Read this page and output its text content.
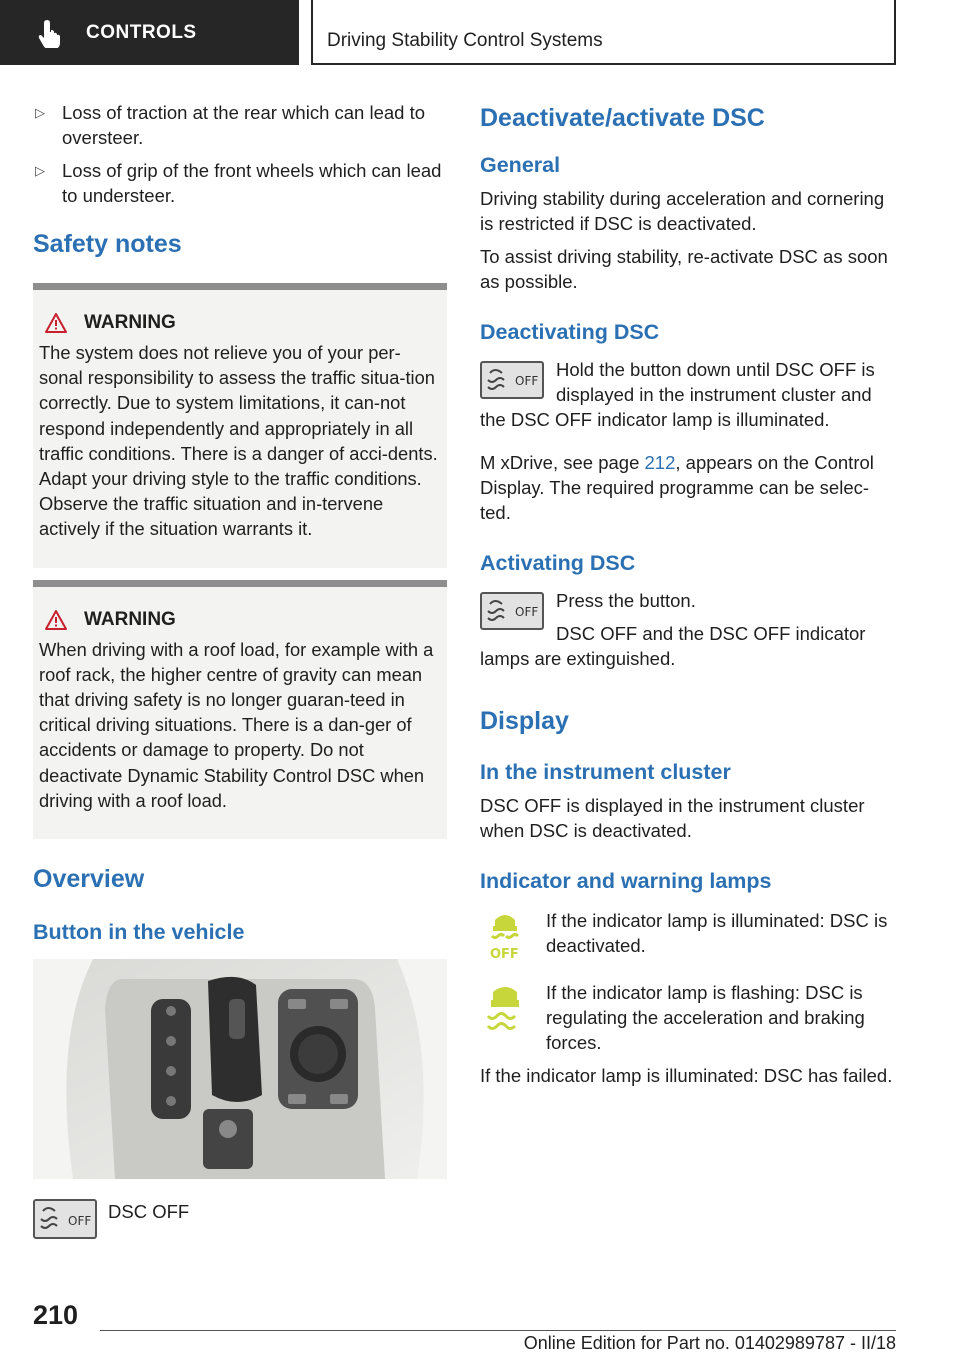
CONTROLS	Driving Stability Control Systems
▷ Loss of traction at the rear which can lead to oversteer.
▷ Loss of grip of the front wheels which can lead to understeer.
Safety notes
WARNING

The system does not relieve you of your per‐sonal responsibility to assess the traffic situa‐tion correctly. Due to system limitations, it can‐not respond independently and appropriately in all traffic conditions. There is a danger of acci‐dents. Adapt your driving style to the traffic conditions. Observe the traffic situation and in‐tervene actively if the situation warrants it.

WARNING

When driving with a roof load, for example with a roof rack, the higher centre of gravity can mean that driving safety is no longer guaran‐teed in critical driving situations. There is a dan‐ger of accidents or damage to property. Do not deactivate Dynamic Stability Control DSC when driving with a roof load.

Overview
Button in the vehicle
OFF DSC OFF
Deactivate/activate DSC
General

Driving stability during acceleration and cornering is restricted if DSC is deactivated.

To assist driving stability, re-activate DSC as soon as possible.

Deactivating DSC
OFF

Hold the button down until DSC OFF is displayed in the instrument cluster and the DSC OFF indicator lamp is illuminated.

M xDrive, see page 212, appears on the Control Display. The required programme can be selec‐ted.

Activating DSC
OFF

Press the button.

DSC OFF and the DSC OFF indicator lamps are extinguished.

Display
In the instrument cluster

DSC OFF is displayed in the instrument cluster when DSC is deactivated.

Indicator and warning lamps
OFF

If the indicator lamp is illuminated: DSC is deactivated.

If the indicator lamp is flashing: DSC is regulating the acceleration and braking forces.

If the indicator lamp is illuminated: DSC has failed.

210
Online Edition for Part no. 01402989787 - II/18
